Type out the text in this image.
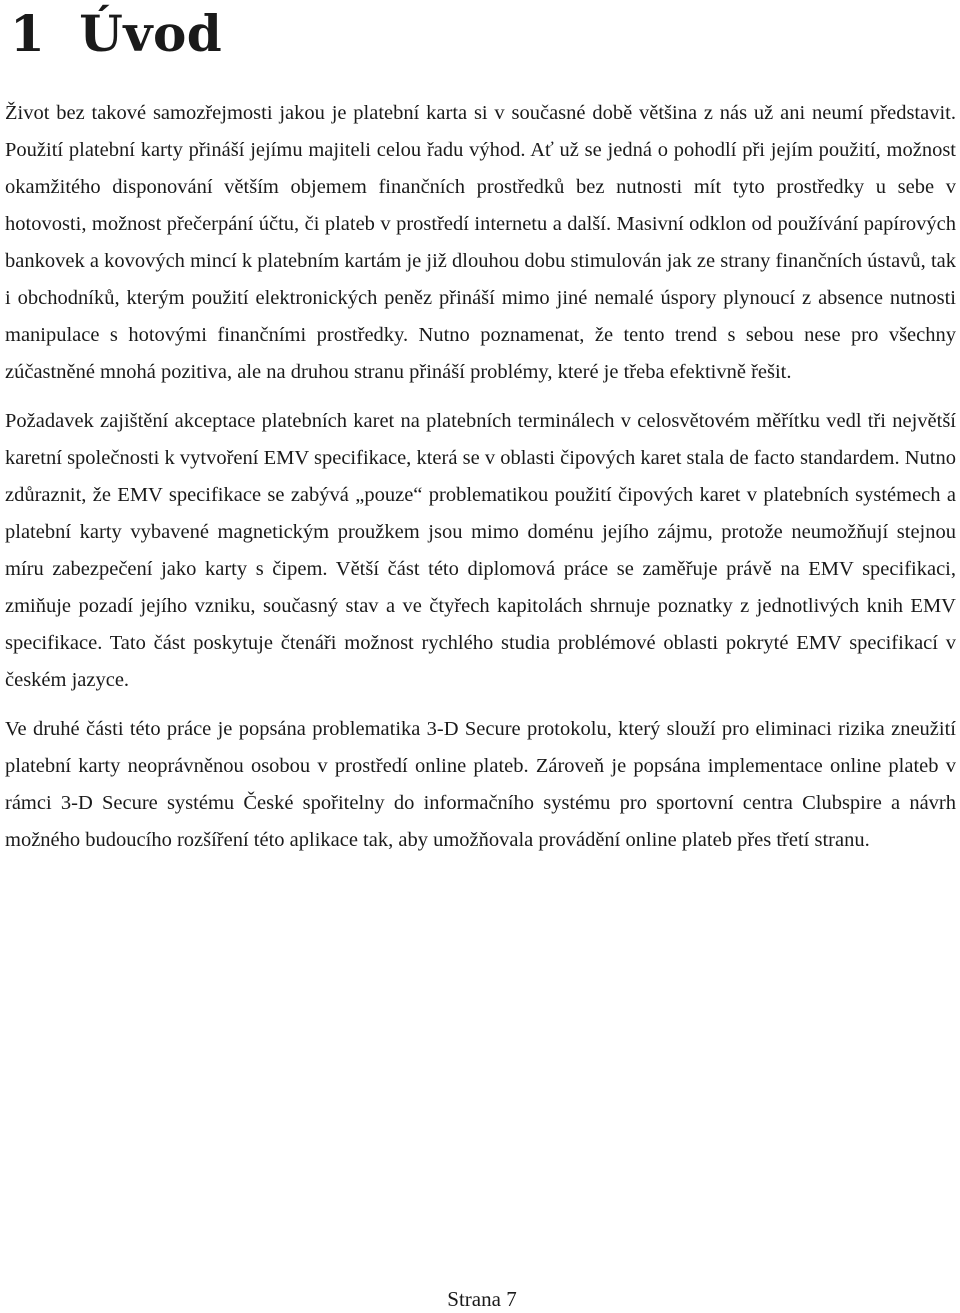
1 Úvod

Život bez takové samozřejmosti jakou je platební karta si v současné době většina z nás už ani neumí představit. Použití platební karty přináší jejímu majiteli celou řadu výhod. Ať už se jedná o pohodlí při jejím použití, možnost okamžitého disponování větším objemem finančních prostředků bez nutnosti mít tyto prostředky u sebe v hotovosti, možnost přečerpání účtu, či plateb v prostředí internetu a další. Masivní odklon od používání papírových bankovek a kovových mincí k platebním kartám je již dlouhou dobu stimulován jak ze strany finančních ústavů, tak i obchodníků, kterým použití elektronických peněz přináší mimo jiné nemalé úspory plynoucí z absence nutnosti manipulace s hotovými finančními prostředky. Nutno poznamenat, že tento trend s sebou nese pro všechny zúčastněné mnohá pozitiva, ale na druhou stranu přináší problémy, které je třeba efektivně řešit.

Požadavek zajištění akceptace platebních karet na platebních terminálech v celosvětovém měřítku vedl tři největší karetní společnosti k vytvoření EMV specifikace, která se v oblasti čipových karet stala de facto standardem. Nutno zdůraznit, že EMV specifikace se zabývá „pouze“ problematikou použití čipových karet v platebních systémech a platební karty vybavené magnetickým proužkem jsou mimo doménu jejího zájmu, protože neumožňují stejnou míru zabezpečení jako karty s čipem. Větší část této diplomová práce se zaměřuje právě na EMV specifikaci, zmiňuje pozadí jejího vzniku, současný stav a ve čtyřech kapitolách shrnuje poznatky z jednotlivých knih EMV specifikace. Tato část poskytuje čtenáři možnost rychlého studia problémové oblasti pokryté EMV specifikací v českém jazyce.

Ve druhé části této práce je popsána problematika 3-D Secure protokolu, který slouží pro eliminaci rizika zneužití platební karty neoprávněnou osobou v prostředí online plateb. Zároveň je popsána implementace online plateb v rámci 3-D Secure systému České spořitelny do informačního systému pro sportovní centra Clubspire a návrh možného budoucího rozšíření této aplikace tak, aby umožňovala provádění online plateb přes třetí stranu.

Strana 7
